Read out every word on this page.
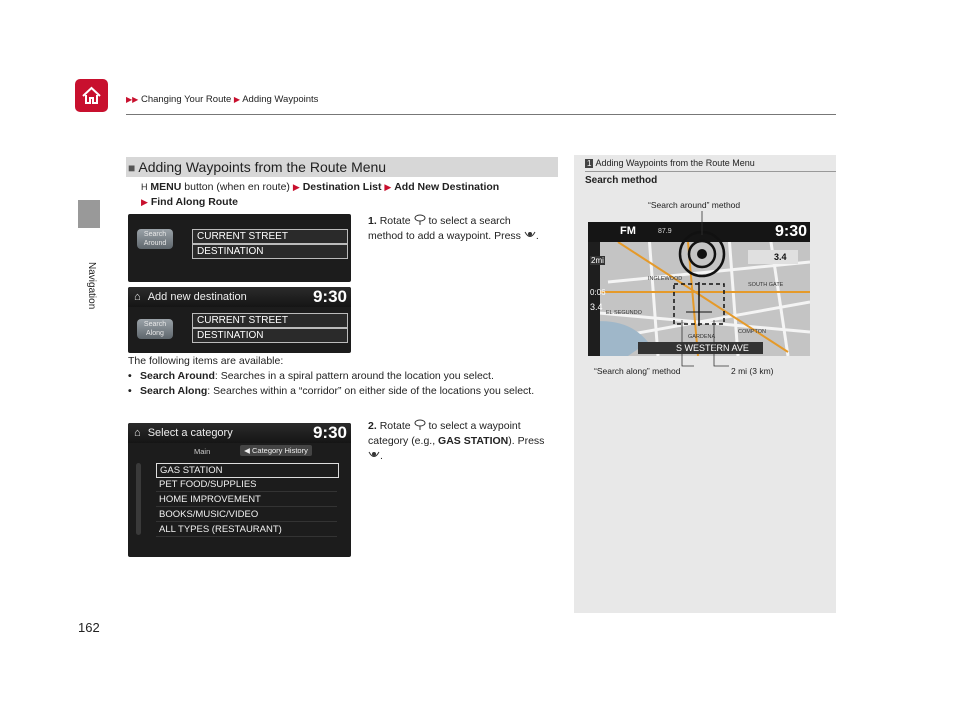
▶▶ Changing Your Route ▶ Adding Waypoints
Navigation
162
■ Adding Waypoints from the Route Menu
H MENU button (when en route) ▶ Destination List ▶ Add New Destination
▶ Find Along Route
Search
Around
CURRENT STREET
DESTINATION
⌂ Add new destination	9:30
Search
Along
CURRENT STREET
DESTINATION
1. Rotate to select a search method to add a waypoint. Press .
The following items are available:
• Search Around: Searches in a spiral pattern around the location you select.
• Search Along: Searches within a “corridor” on either side of the locations you select.
⌂ Select a category	9:30
Main	◀ Category History
GAS STATION
PET FOOD/SUPPLIES
HOME IMPROVEMENT
BOOKS/MUSIC/VIDEO
ALL TYPES (RESTAURANT)
2. Rotate to select a waypoint category (e.g., GAS STATION). Press .
1 Adding Waypoints from the Route Menu
Search method
“Search around” method
“Search along” method	2 mi (3 km)
FM	87.9	9:30
2mi
0:06
3.4
3.4
S WESTERN AVE
EL SEGUNDO
SOUTH GATE
COMPTON
GARDENA
INGLEWOOD
